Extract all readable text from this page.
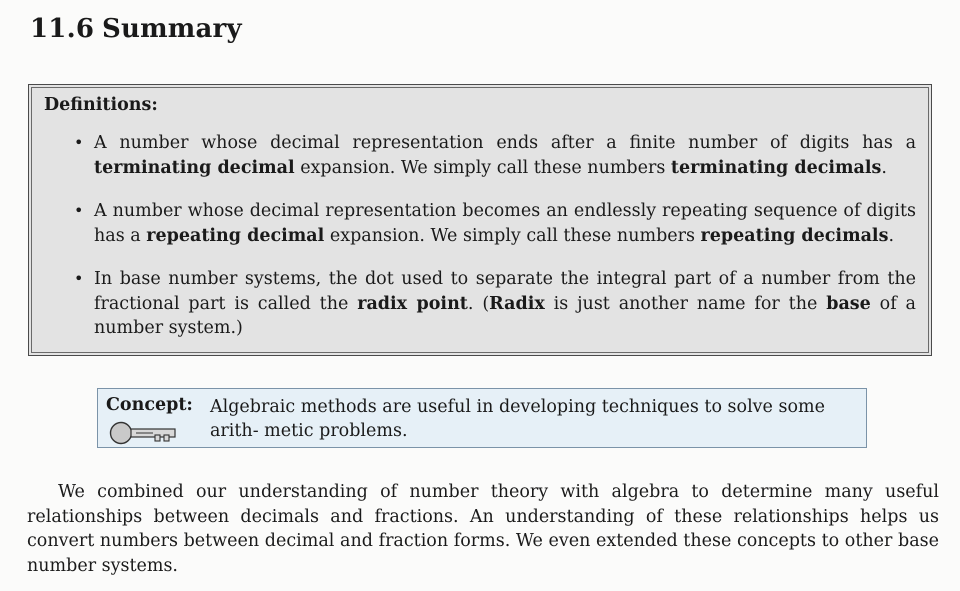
11.6 Summary
Definitions:
• A number whose decimal representation ends after a finite number of digits has a terminating decimal expansion. We simply call these numbers terminating decimals.
• A number whose decimal representation becomes an endlessly repeating sequence of digits has a repeating decimal expansion. We simply call these numbers repeating decimals.
• In base number systems, the dot used to separate the integral part of a number from the fractional part is called the radix point. (Radix is just another name for the base of a number system.)
Concept: Algebraic methods are useful in developing techniques to solve some arith- metic problems.

We combined our understanding of number theory with algebra to determine many useful relationships between decimals and fractions. An understanding of these relationships helps us convert numbers between decimal and fraction forms. We even extended these concepts to other base number systems.
